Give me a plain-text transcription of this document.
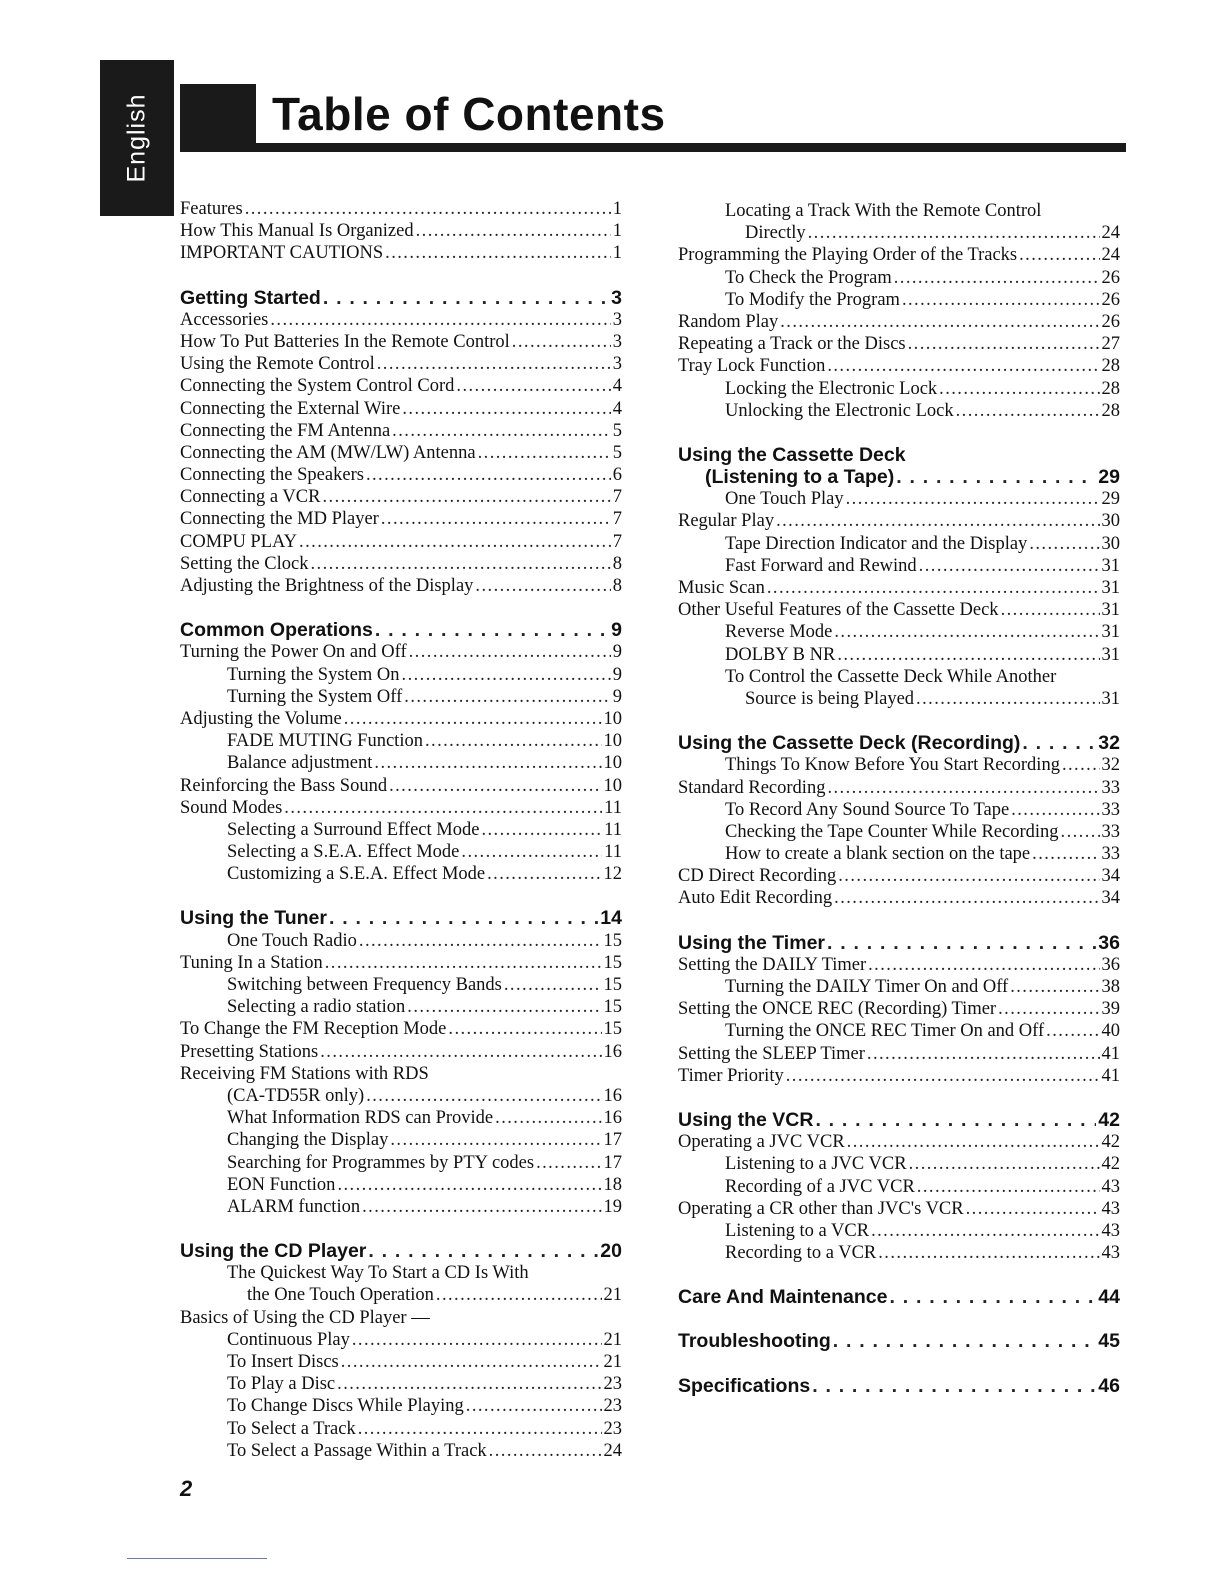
English	Table of Contents
Features . . .	1
How This Manual Is Organized . . .	1
IMPORTANT CAUTIONS . . .	1
Getting Started . . .	3
Accessories . . .	3
How To Put Batteries In the Remote Control . . .	3
Using the Remote Control . . .	3
Connecting the System Control Cord . . .	4
Connecting the External Wire . . .	4
Connecting the FM Antenna . . .	5
Connecting the AM (MW/LW) Antenna . . .	5
Connecting the Speakers . . .	6
Connecting a VCR . . .	7
Connecting the MD Player . . .	7
COMPU PLAY . . .	7
Setting the Clock . . .	8
Adjusting the Brightness of the Display . . .	8
Common Operations . . .	9
Turning the Power On and Off . . .	9
Turning the System On . . .	9
Turning the System Off . . .	9
Adjusting the Volume . . .	10
FADE MUTING Function . . .	10
Balance adjustment . . .	10
Reinforcing the Bass Sound . . .	10
Sound Modes . . .	11
Selecting a Surround Effect Mode . . .	11
Selecting a S.E.A. Effect Mode . . .	11
Customizing a S.E.A. Effect Mode . . .	12
Using the Tuner . . .	14
One Touch Radio . . .	15
Tuning In a Station . . .	15
Switching between Frequency Bands . . .	15
Selecting a radio station . . .	15
To Change the FM Reception Mode . . .	15
Presetting Stations . . .	16
Receiving FM Stations with RDS
(CA-TD55R only) . . .	16
What Information RDS can Provide . . .	16
Changing the Display . . .	17
Searching for Programmes by PTY codes . . .	17
EON Function . . .	18
ALARM function . . .	19
Using the CD Player . . .	20
The Quickest Way To Start a CD Is With
the One Touch Operation . . .	21
Basics of Using the CD Player —
Continuous Play . . .	21
To Insert Discs . . .	21
To Play a Disc . . .	23
To Change Discs While Playing . . .	23
To Select a Track . . .	23
To Select a Passage Within a Track . . .	24
Locating a Track With the Remote Control
Directly . . .	24
Programming the Playing Order of the Tracks . . .	24
To Check the Program . . .	26
To Modify the Program . . .	26
Random Play . . .	26
Repeating a Track or the Discs . . .	27
Tray Lock Function . . .	28
Locking the Electronic Lock . . .	28
Unlocking the Electronic Lock . . .	28
Using the Cassette Deck
(Listening to a Tape) . . .	29
One Touch Play . . .	29
Regular Play . . .	30
Tape Direction Indicator and the Display . . .	30
Fast Forward and Rewind . . .	31
Music Scan . . .	31
Other Useful Features of the Cassette Deck . . .	31
Reverse Mode . . .	31
DOLBY B NR . . .	31
To Control the Cassette Deck While Another
Source is being Played . . .	31
Using the Cassette Deck (Recording) . . .	32
Things To Know Before You Start Recording . . . 32
Standard Recording . . .	33
To Record Any Sound Source To Tape . . .	33
Checking the Tape Counter While Recording . . . 33
How to create a blank section on the tape . . .	33
CD Direct Recording . . .	34
Auto Edit Recording . . .	34
Using the Timer . . .	36
Setting the DAILY Timer . . .	36
Turning the DAILY Timer On and Off . . .	38
Setting the ONCE REC (Recording) Timer . . .	39
Turning the ONCE REC Timer On and Off . . .	40
Setting the SLEEP Timer . . .	41
Timer Priority . . .	41
Using the VCR . . .	42
Operating a JVC VCR . . .	42
Listening to a JVC VCR . . .	42
Recording of a JVC VCR . . .	43
Operating a CR other than JVC's VCR . . .	43
Listening to a VCR . . .	43
Recording to a VCR . . .	43
Care And Maintenance . . .	44
Troubleshooting . . .	45
Specifications . . .	46
2
